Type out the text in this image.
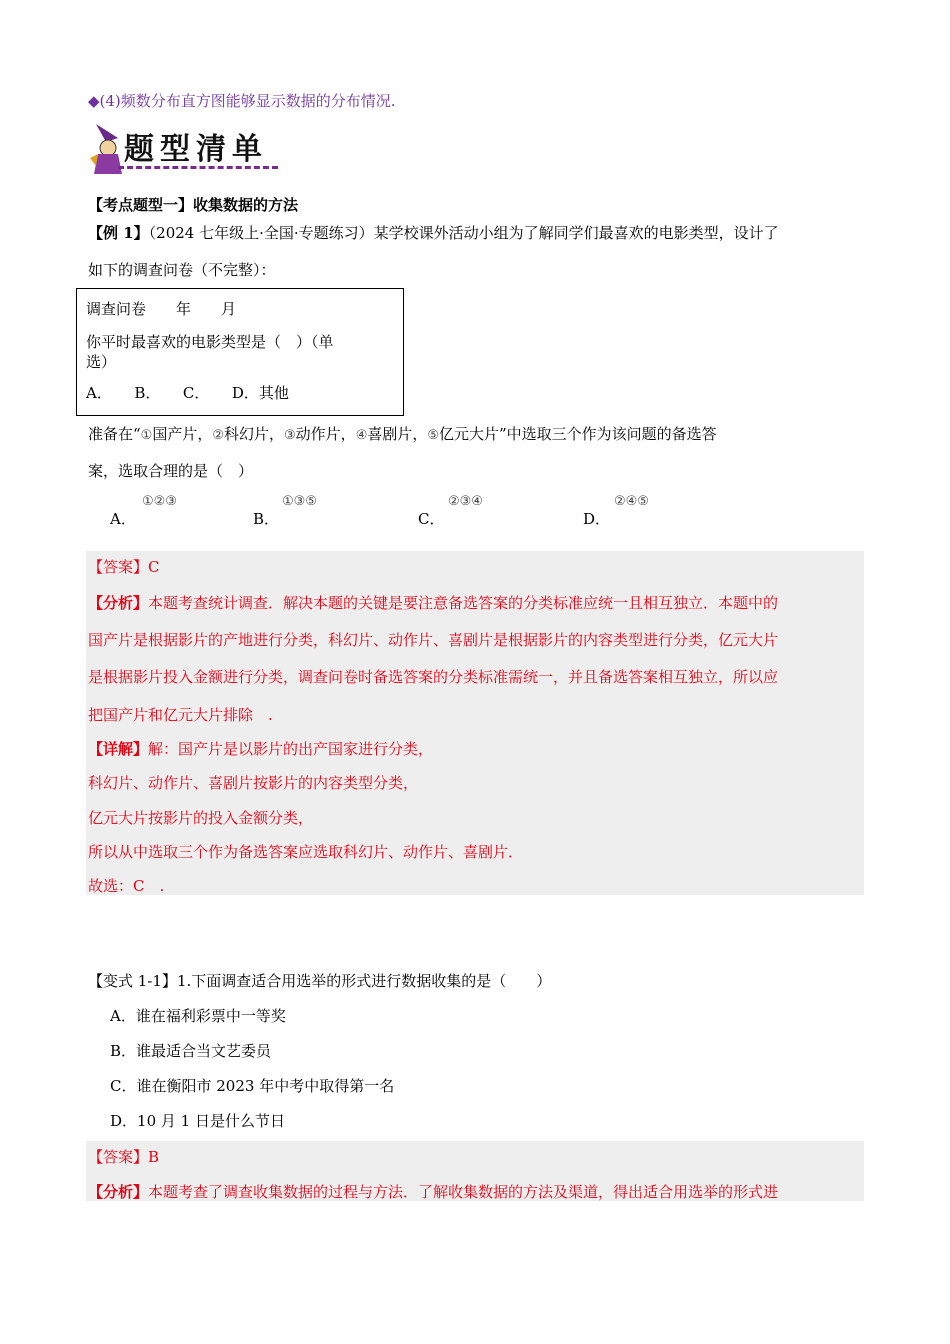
◆(4)频数分布直方图能够显示数据的分布情况.
题型清单
【考点题型一】收集数据的方法
【例 1】（2024 七年级上·全国·专题练习）某学校课外活动小组为了解同学们最喜欢的电影类型，设计了
如下的调查问卷（不完整）：
调查问卷　　年　　月
你平时最喜欢的电影类型是（　）（单
选）
A．　　B．　　C．　　D．其他
准备在“①国产片，②科幻片，③动作片，④喜剧片，⑤亿元大片”中选取三个作为该问题的备选答
案，选取合理的是（　）
A．
①②③
B．
①③⑤
C．
②③④
D．
②④⑤
【答案】C
【分析】本题考查统计调查．解决本题的关键是要注意备选答案的分类标准应统一且相互独立．本题中的
国产片是根据影片的产地进行分类，科幻片、动作片、喜剧片是根据影片的内容类型进行分类，亿元大片
是根据影片投入金额进行分类，调查问卷时备选答案的分类标准需统一，并且备选答案相互独立，所以应
把国产片和亿元大片排除　.
【详解】解：国产片是以影片的出产国家进行分类，
科幻片、动作片、喜剧片按影片的内容类型分类，
亿元大片按影片的投入金额分类，
所以从中选取三个作为备选答案应选取科幻片、动作片、喜剧片．
故选：C　.
【变式 1-1】1.下面调查适合用选举的形式进行数据收集的是（　　）
A．谁在福利彩票中一等奖
B．谁最适合当文艺委员
C．谁在衡阳市 2023 年中考中取得第一名
D．10 月 1 日是什么节日
【答案】B
【分析】本题考查了调查收集数据的过程与方法．了解收集数据的方法及渠道，得出适合用选举的形式进
